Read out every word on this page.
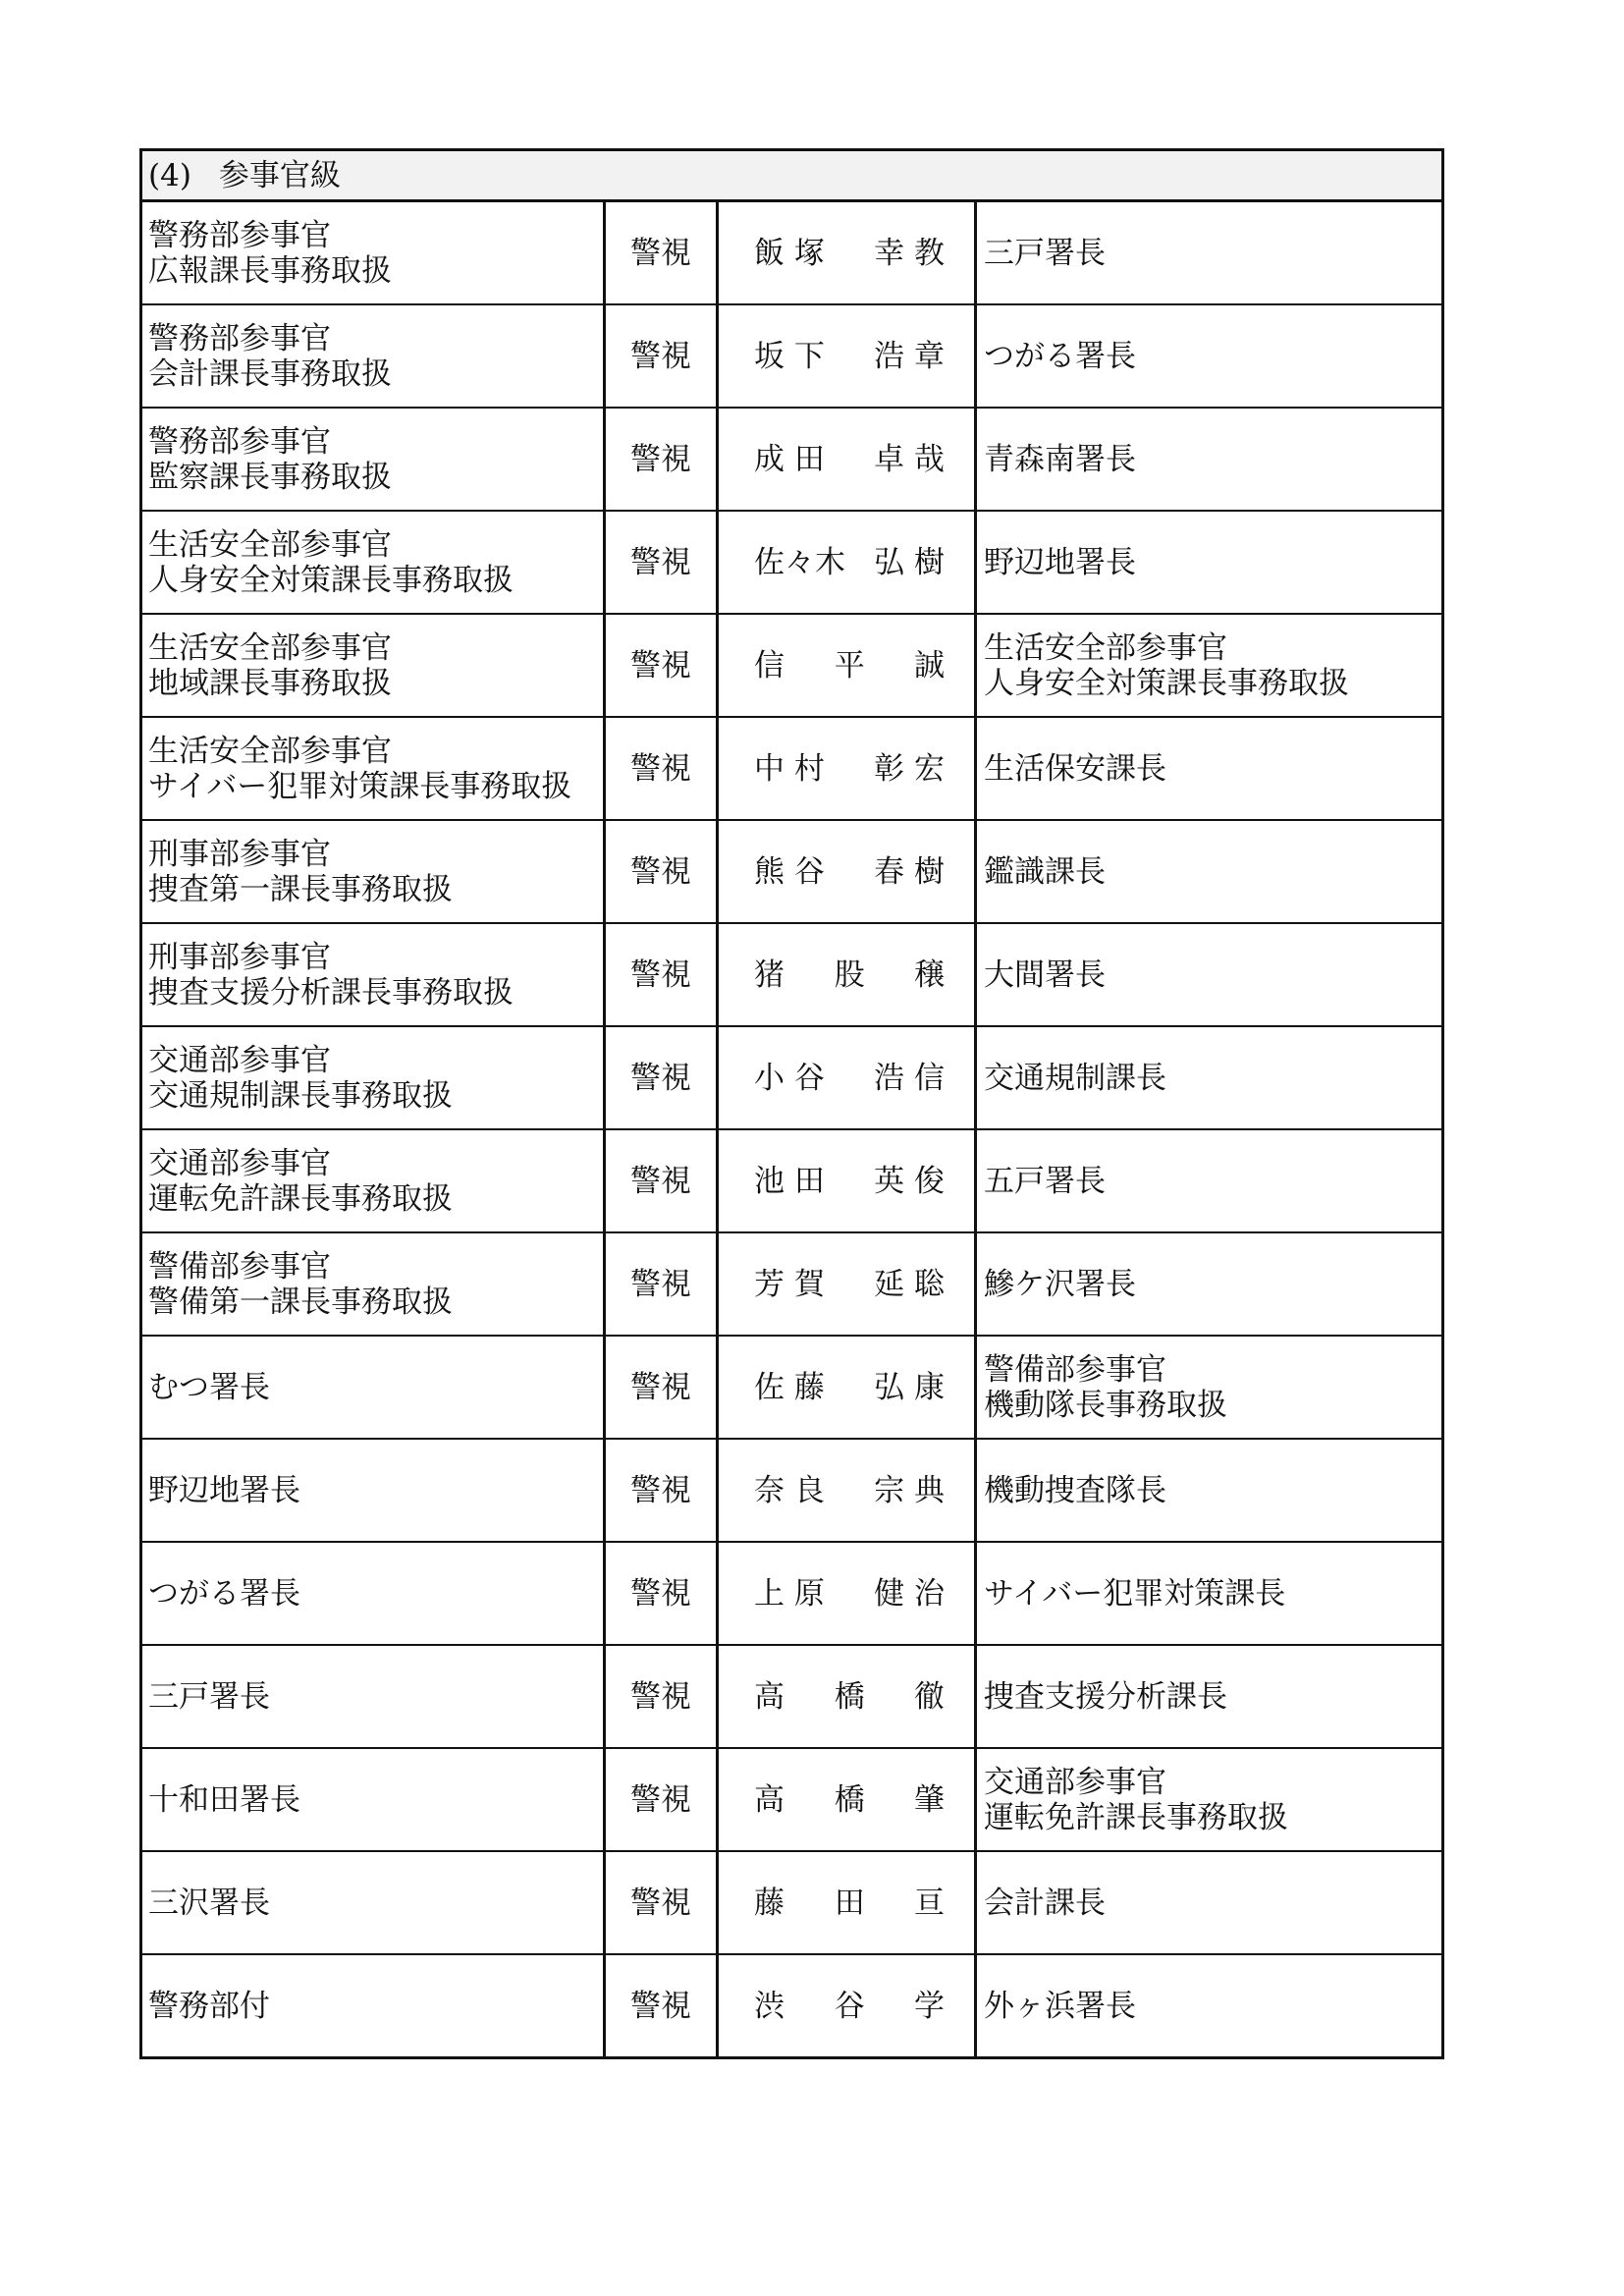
(4) 参事官級			

警務部参事官
広報課長事務取扱	警視	飯 塚 幸 教	三戸署長

警務部参事官
会計課長事務取扱	警視	坂 下 浩 章	つがる署長

警務部参事官
監察課長事務取扱	警視	成 田 卓 哉	青森南署長

生活安全部参事官
人身安全対策課長事務取扱	警視	佐々木 弘 樹	野辺地署長

生活安全部参事官
地域課長事務取扱	警視	信 　 平 誠	生活安全部参事官
人身安全対策課長事務取扱

生活安全部参事官
サイバー犯罪対策課長事務取扱	警視	中 村 彰 宏	生活保安課長

刑事部参事官
捜査第一課長事務取扱	警視	熊 谷 春 樹	鑑識課長

刑事部参事官
捜査支援分析課長事務取扱	警視	猪 　 股 穣	大間署長

交通部参事官
交通規制課長事務取扱	警視	小 谷 浩 信	交通規制課長

交通部参事官
運転免許課長事務取扱	警視	池 田 英 俊	五戸署長

警備部参事官
警備第一課長事務取扱	警視	芳 賀 延 聡	鰺ケ沢署長

むつ署長	警視	佐 藤 弘 康	警備部参事官
機動隊長事務取扱

野辺地署長	警視	奈 良 宗 典	機動捜査隊長

つがる署長	警視	上 原 健 治	サイバー犯罪対策課長

三戸署長	警視	高 　 橋 徹	捜査支援分析課長

十和田署長	警視	高 　 橋 肇	交通部参事官
運転免許課長事務取扱

三沢署長	警視	藤 　 田 亘	会計課長

警務部付	警視	渋 　 谷 学	外ヶ浜署長
